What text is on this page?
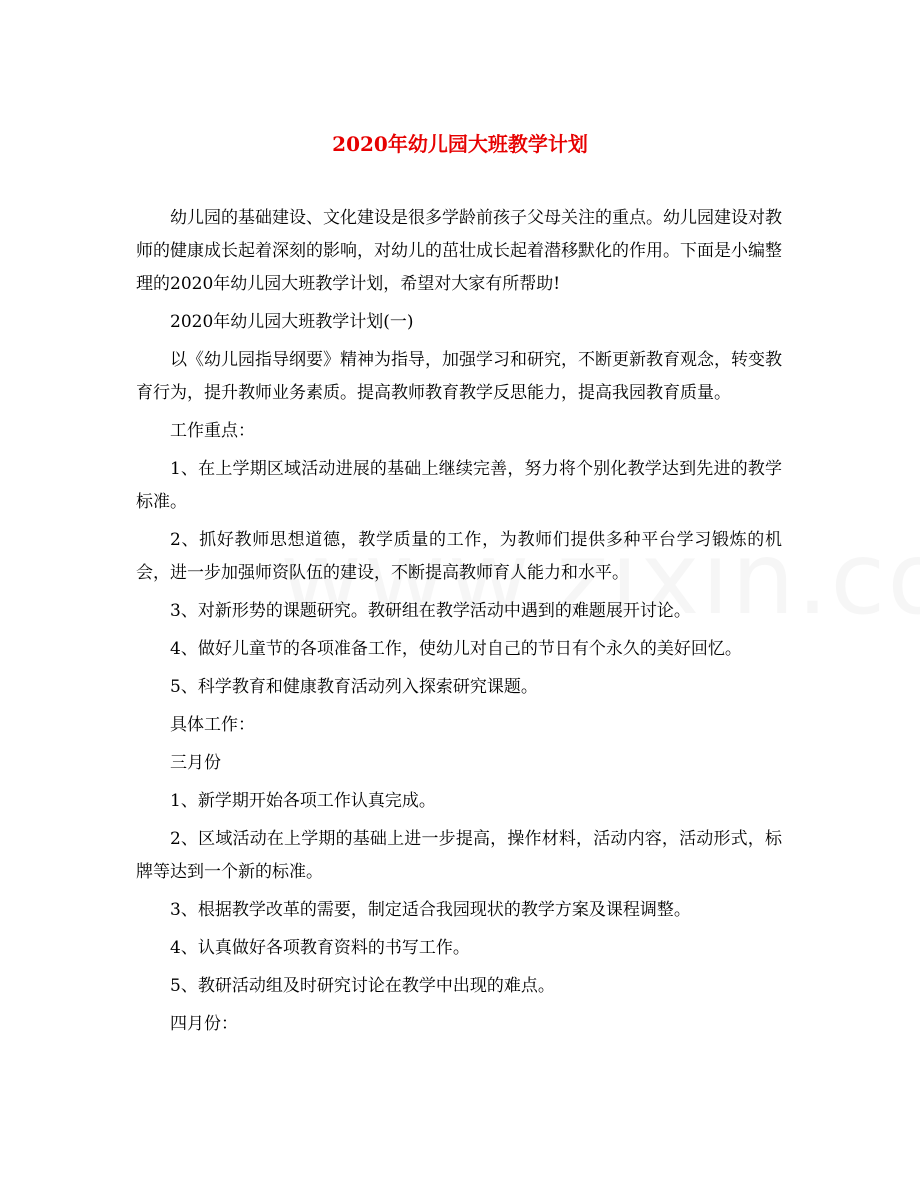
2020年幼儿园大班教学计划

幼儿园的基础建设、文化建设是很多学龄前孩子父母关注的重点。幼儿园建设对教师的健康成长起着深刻的影响，对幼儿的茁壮成长起着潜移默化的作用。下面是小编整理的2020年幼儿园大班教学计划，希望对大家有所帮助!

2020年幼儿园大班教学计划(一)

以《幼儿园指导纲要》精神为指导，加强学习和研究，不断更新教育观念，转变教育行为，提升教师业务素质。提高教师教育教学反思能力，提高我园教育质量。

工作重点：

1、在上学期区域活动进展的基础上继续完善，努力将个别化教学达到先进的教学标准。

2、抓好教师思想道德，教学质量的工作，为教师们提供多种平台学习锻炼的机会，进一步加强师资队伍的建设，不断提高教师育人能力和水平。

3、对新形势的课题研究。教研组在教学活动中遇到的难题展开讨论。

4、做好儿童节的各项准备工作，使幼儿对自己的节日有个永久的美好回忆。

5、科学教育和健康教育活动列入探索研究课题。

具体工作：

三月份

1、新学期开始各项工作认真完成。

2、区域活动在上学期的基础上进一步提高，操作材料，活动内容，活动形式，标牌等达到一个新的标准。

3、根据教学改革的需要，制定适合我园现状的教学方案及课程调整。

4、认真做好各项教育资料的书写工作。

5、教研活动组及时研究讨论在教学中出现的难点。

四月份：
